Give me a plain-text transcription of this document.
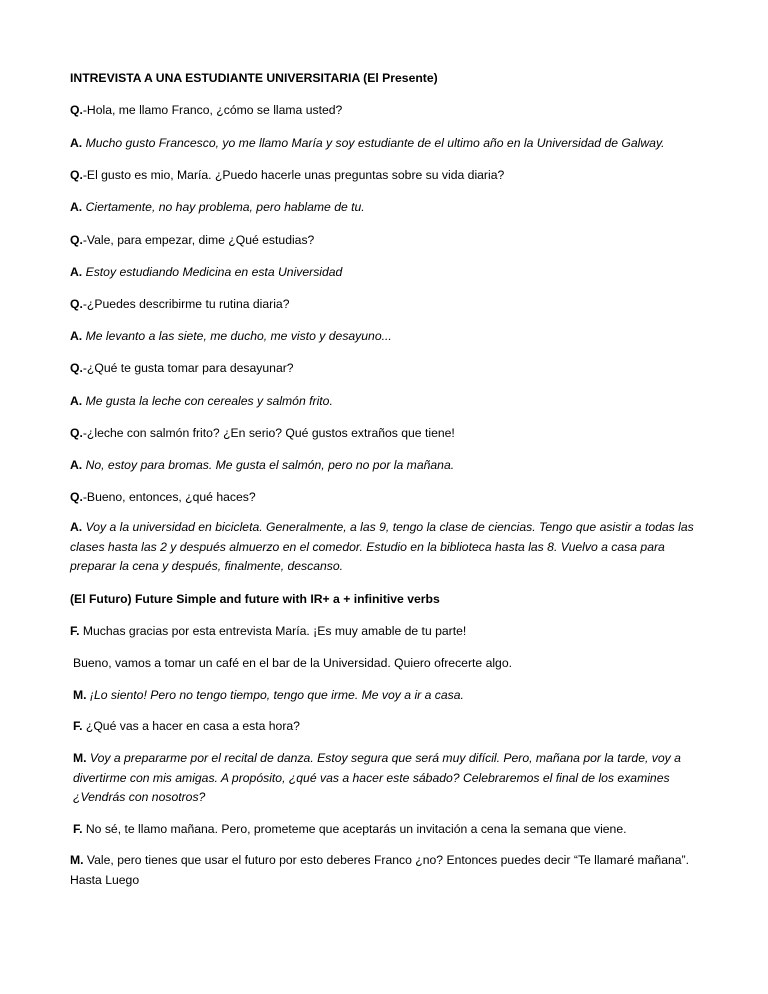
INTREVISTA A UNA ESTUDIANTE UNIVERSITARIA (El Presente)

Q.-Hola, me llamo Franco, ¿cómo se llama usted?

A. Mucho gusto Francesco, yo me llamo María y soy estudiante de el ultimo año en la Universidad de Galway.

Q.-El gusto es mio, María. ¿Puedo hacerle unas preguntas sobre su vida diaria?

A. Ciertamente, no hay problema, pero hablame de tu.

Q.-Vale, para empezar, dime ¿Qué estudias?

A. Estoy estudiando Medicina en esta Universidad

Q.-¿Puedes describirme tu rutina diaria?

A. Me levanto a las siete, me ducho, me visto y desayuno...

Q.-¿Qué te gusta tomar para desayunar?

A. Me gusta la leche con cereales y salmón frito.

Q.-¿leche con salmón frito? ¿En serio? Qué gustos extraños que tiene!

A. No, estoy para bromas. Me gusta el salmón, pero no por la mañana.

Q.-Bueno, entonces, ¿qué haces?

A. Voy a la universidad en bicicleta. Generalmente, a las 9, tengo la clase de ciencias. Tengo que asistir a todas las clases hasta las 2 y después almuerzo en el comedor. Estudio en la biblioteca hasta las 8. Vuelvo a casa para preparar la cena y después, finalmente, descanso.

(El Futuro) Future Simple and future with IR+ a + infinitive verbs

F. Muchas gracias por esta entrevista María. ¡Es muy amable de tu parte!

Bueno, vamos a tomar un café en el bar de la Universidad. Quiero ofrecerte algo.

M. ¡Lo siento! Pero no tengo tiempo, tengo que irme. Me voy a ir a casa.

F. ¿Qué vas a hacer en casa a esta hora?

M. Voy a prepararme por el recital de danza. Estoy segura que será muy difícil. Pero, mañana por la tarde, voy a divertirme con mis amigas. A propósito, ¿qué vas a hacer este sábado? Celebraremos el final de los examines ¿Vendrás con nosotros?

F. No sé, te llamo mañana. Pero, prometeme que aceptarás un invitación a cena la semana que viene.

M. Vale, pero tienes que usar el futuro por esto deberes Franco ¿no? Entonces puedes decir “Te llamaré mañana”. Hasta Luego
